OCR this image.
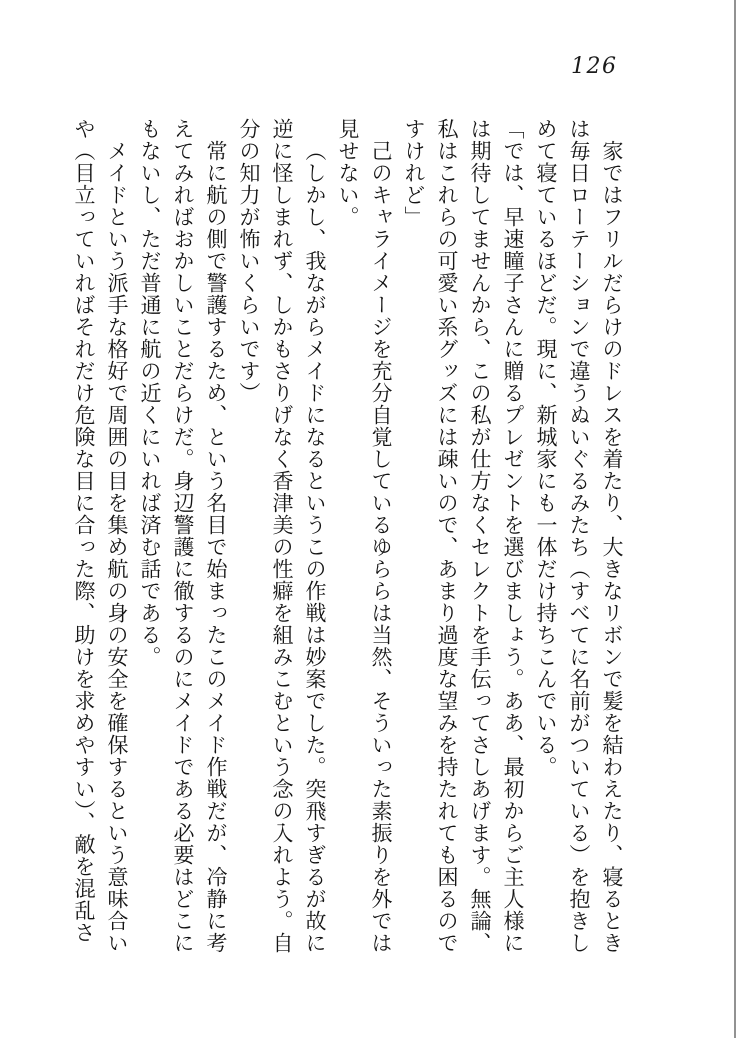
126

家ではフリルだらけのドレスを着たり、大きなリボンで髪を結わえたり、寝るときは毎日ローテーションで違うぬいぐるみたち（すべてに名前がついている）を抱きしめて寝ているほどだ。現に、新城家にも一体だけ持ちこんでいる。

「では、早速瞳子さんに贈るプレゼントを選びましょう。ああ、最初からご主人様には期待してませんから、この私が仕方なくセレクトを手伝ってさしあげます。無論、私はこれらの可愛い系グッズには疎いので、あまり過度な望みを持たれても困るのですけれど」

己のキャライメージを充分自覚しているゆららは当然、そういった素振りを外では見せない。

（しかし、我ながらメイドになるというこの作戦は妙案でした。突飛すぎるが故に逆に怪しまれず、しかもさりげなく香津美の性癖を組みこむという念の入れよう。自分の知力が怖いくらいです）

常に航の側で警護するため、という名目で始まったこのメイド作戦だが、冷静に考えてみればおかしいことだらけだ。身辺警護に徹するのにメイドである必要はどこにもないし、ただ普通に航の近くにいれば済む話である。

メイドという派手な格好で周囲の目を集め航の身の安全を確保するという意味合いや（目立っていればそれだけ危険な目に合った際、助けを求めやすい）、敵を混乱さ
